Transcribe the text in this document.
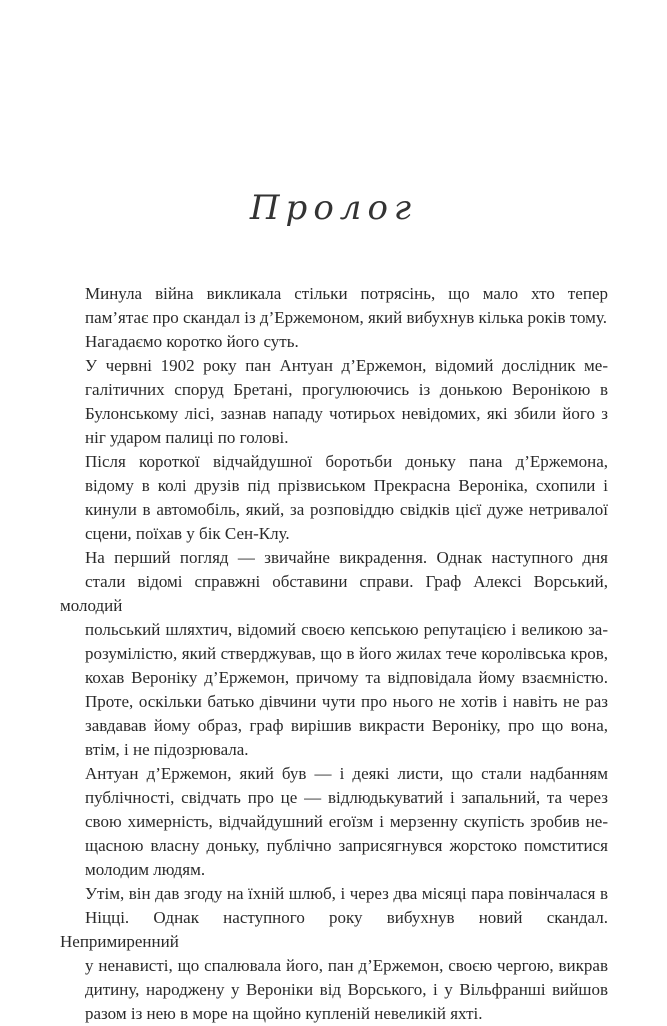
Пролог

Минула війна викликала стільки потрясінь, що мало хто тепер
пам’ятає про скандал із д’Ержемоном, який вибухнув кілька років тому.

Нагадаємо коротко його суть.

У червні 1902 року пан Антуан д’Ержемон, відомий дослідник ме-
галітичних споруд Бретані, прогулюючись із донькою Веронікою в
Булонському лісі, зазнав нападу чотирьох невідомих, які збили його з
ніг ударом палиці по голові.

Після короткої відчайдушної боротьби доньку пана д’Ержемона,
відому в колі друзів під прізвиськом Прекрасна Вероніка, схопили і
кинули в автомобіль, який, за розповіддю свідків цієї дуже нетривалої
сцени, поїхав у бік Сен-Клу.

На перший погляд — звичайне викрадення. Однак наступного дня
стали відомі справжні обставини справи. Граф Алексі Ворський, молодий
польський шляхтич, відомий своєю кепською репутацією і великою за-
розумілістю, який стверджував, що в його жилах тече королівська кров,
кохав Вероніку д’Ержемон, причому та відповідала йому взаємністю.
Проте, оскільки батько дівчини чути про нього не хотів і навіть не раз
завдавав йому образ, граф вирішив викрасти Вероніку, про що вона,
втім, і не підозрювала.

Антуан д’Ержемон, який був — і деякі листи, що стали надбанням
публічності, свідчать про це — відлюдькуватий і запальний, та через
свою химерність, відчайдушний егоїзм і мерзенну скупість зробив не-
щасною власну доньку, публічно заприсягнувся жорстоко помститися
молодим людям.

Утім, він дав згоду на їхній шлюб, і через два місяці пара повінчалася в
Ніцці. Однак наступного року вибухнув новий скандал. Непримиренний
у ненависті, що спалювала його, пан д’Ержемон, своєю чергою, викрав
дитину, народжену у Вероніки від Ворського, і у Вільфранші вийшов
разом із нею в море на щойно купленій невеликій яхті.
